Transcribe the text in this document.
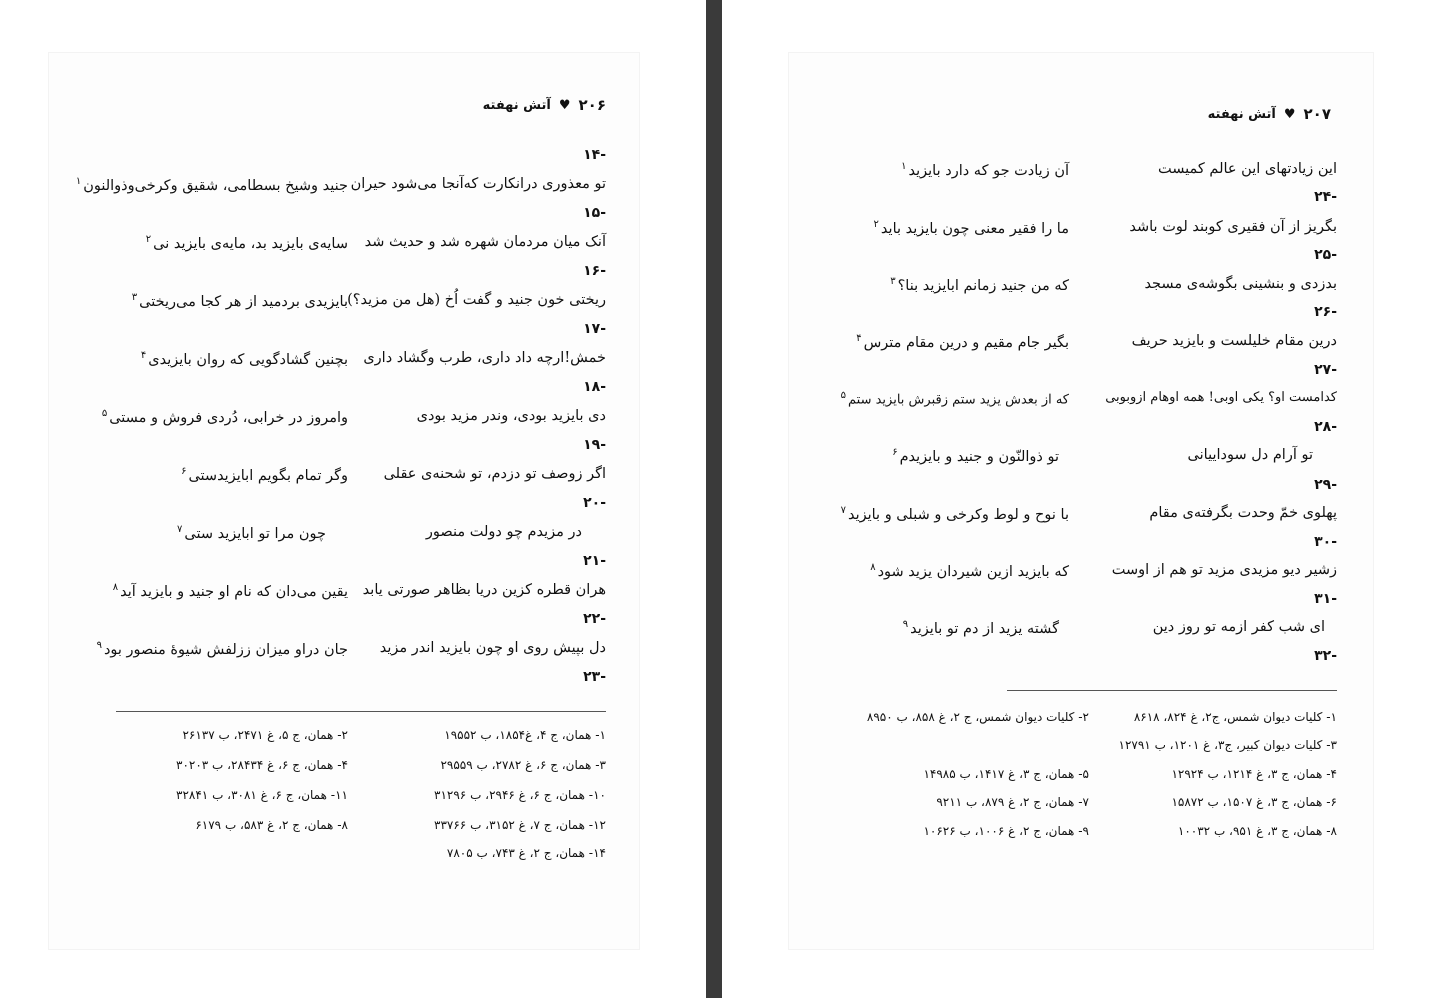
۲۰۶
♥
آتش نهفته
-۱۴
تو معذوری درانکارت که‌آنجا می‌شود حیران
جنید وشیخ بسطامی، شقیق وکرخی‌وذوالنون$^۱$
-۱۵
آنک میان مردمان شهره شد و حدیث شد
سایه‌ی بایزید بد، مایه‌ی بایزید نی$^۲$
-۱۶
ریختی خون جنید و گفت اُخ (هل من مزید؟)
بایزیدی بردمید از هر کجا می‌ریختی$^۳$
-۱۷
خمش!ارچه داد داری، طرب وگشاد داری
بچنین گشادگویی که روان بایزیدی$^۴$
-۱۸
دی بایزید بودی، وندر مزید بودی
وامروز در خرابی، دُردی فروش و مستی$^۵$
-۱۹
اگر زوصف تو دزدم، تو شحنه‌ی عقلی
وگر تمام بگویم ابایزیدستی$^۶$
-۲۰
در مزیدم چو دولت منصور
چون مرا تو ابایزید ستی$^۷$
-۲۱
هران قطره کزین دریا بظاهر صورتی یابد
یقین می‌دان که نام او جنید و بایزید آید$^۸$
-۲۲
دل بپیش روی او چون بایزید اندر مزید
جان دراو میزان ززلفش شیوهٔ منصور بود$^۹$
-۲۳
۱- همان، ج ۴، غ۱۸۵۴، ب ۱۹۵۵۲
۲- همان، ج ۵، غ ۲۴۷۱، ب ۲۶۱۳۷
۳- همان، ج ۶، غ ۲۷۸۲، ب ۲۹۵۵۹
۴- همان، ج ۶، غ ۲۸۴۳۴، ب ۳۰۲۰۳
۱۰- همان، ج ۶، غ ۲۹۴۶، ب ۳۱۲۹۶
۱۱- همان، ج ۶، غ ۳۰۸۱، ب ۳۲۸۴۱
۱۲- همان، ج ۷، غ ۳۱۵۲، ب ۳۳۷۶۶
۸- همان، ج ۲، غ ۵۸۳، ب ۶۱۷۹
۱۴- همان، ج ۲، غ ۷۴۳، ب ۷۸۰۵
۲۰۷
♥
آتش نهفته
این زیادتهای این عالم کمیست
آن زیادت جو که دارد بایزید$^۱$
-۲۴
بگریز از آن فقیری کوبند لوت باشد
ما را فقیر معنی چون بایزید باید$^۲$
-۲۵
بدزدی و بنشینی بگوشه‌ی مسجد
که من جنید زمانم ابایزید بنا؟$^۳$
-۲۶
درین مقام خلیلست و بایزید حریف
بگیر جام مقیم و درین مقام مترس$^۴$
-۲۷
کدامست او؟ یکی اوبی! همه اوهام ازوبوبی
که از بعدش یزید ستم زقبرش بایزید ستم$^۵$
-۲۸
تو آرام دل سوداییانی
تو ذوالنّون و جنید و بایزیدم$^۶$
-۲۹
پهلوی خمّ وحدت بگرفته‌ی مقام
با نوح و لوط وکرخی و شبلی و بایزید$^۷$
-۳۰
زشیر دیو مزیدی مزید تو هم از اوست
که بایزید ازین شیردان یزید شود$^۸$
-۳۱
ای شب کفر ازمه تو روز دین
گشته یزید از دم تو بایزید$^۹$
-۳۲
۱- کلیات دیوان شمس، ج۲، غ ۸۲۴، ۸۶۱۸
۲- کلیات دیوان شمس، ج ۲، غ ۸۵۸، ب ۸۹۵۰
۳- کلیات دیوان کبیر، ج۳، غ ۱۲۰۱، ب ۱۲۷۹۱
۴- همان، ج ۳، غ ۱۲۱۴، ب ۱۲۹۲۴
۵- همان، ج ۳، غ ۱۴۱۷، ب ۱۴۹۸۵
۶- همان، ج ۳، غ ۱۵۰۷، ب ۱۵۸۷۲
۷- همان، ج ۲، غ ۸۷۹، ب ۹۲۱۱
۸- همان، ج ۳، غ ۹۵۱، ب ۱۰۰۳۲
۹- همان، ج ۲، غ ۱۰۰۶، ب ۱۰۶۲۶
